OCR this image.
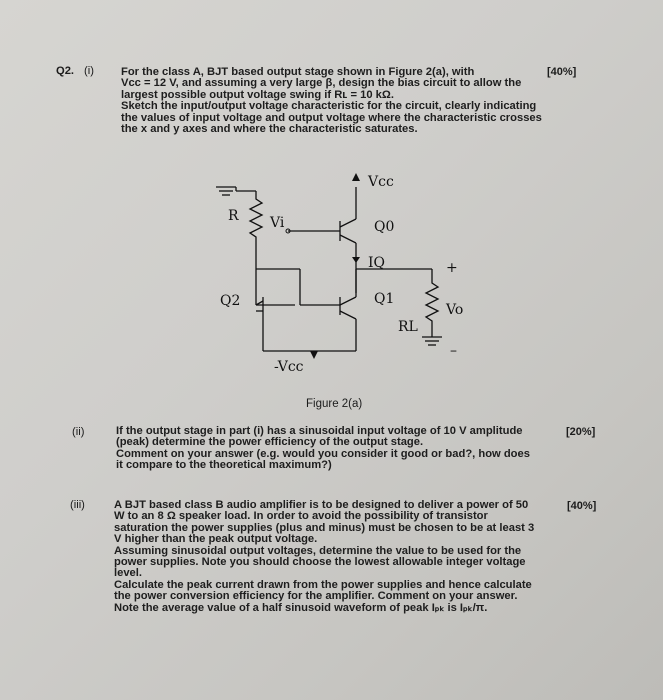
Q2. (i)	[40%]
For the class A, BJT based output stage shown in Figure 2(a), with
Vᴄᴄ = 12 V, and assuming a very large β, design the bias circuit to allow the
largest possible output voltage swing if Rʟ = 10 kΩ.
Sketch the input/output voltage characteristic for the circuit, clearly indicating
the values of input voltage and output voltage where the characteristic crosses
the x and y axes and where the characteristic saturates.
Vcc
R Vi	Q0
IQ
Q2	Q1
RL
Vo
+
–
-Vcc
Figure 2(a)
(ii)	[20%]
If the output stage in part (i) has a sinusoidal input voltage of 10 V amplitude
(peak) determine the power efficiency of the output stage.
Comment on your answer (e.g. would you consider it good or bad?, how does
it compare to the theoretical maximum?)
(iii)	[40%]
A BJT based class B audio amplifier is to be designed to deliver a power of 50
W to an 8 Ω speaker load. In order to avoid the possibility of transistor
saturation the power supplies (plus and minus) must be chosen to be at least 3
V higher than the peak output voltage.
Assuming sinusoidal output voltages, determine the value to be used for the
power supplies. Note you should choose the lowest allowable integer voltage
level.
Calculate the peak current drawn from the power supplies and hence calculate
the power conversion efficiency for the amplifier. Comment on your answer.
Note the average value of a half sinusoid waveform of peak Iₚₖ is Iₚₖ/π.
